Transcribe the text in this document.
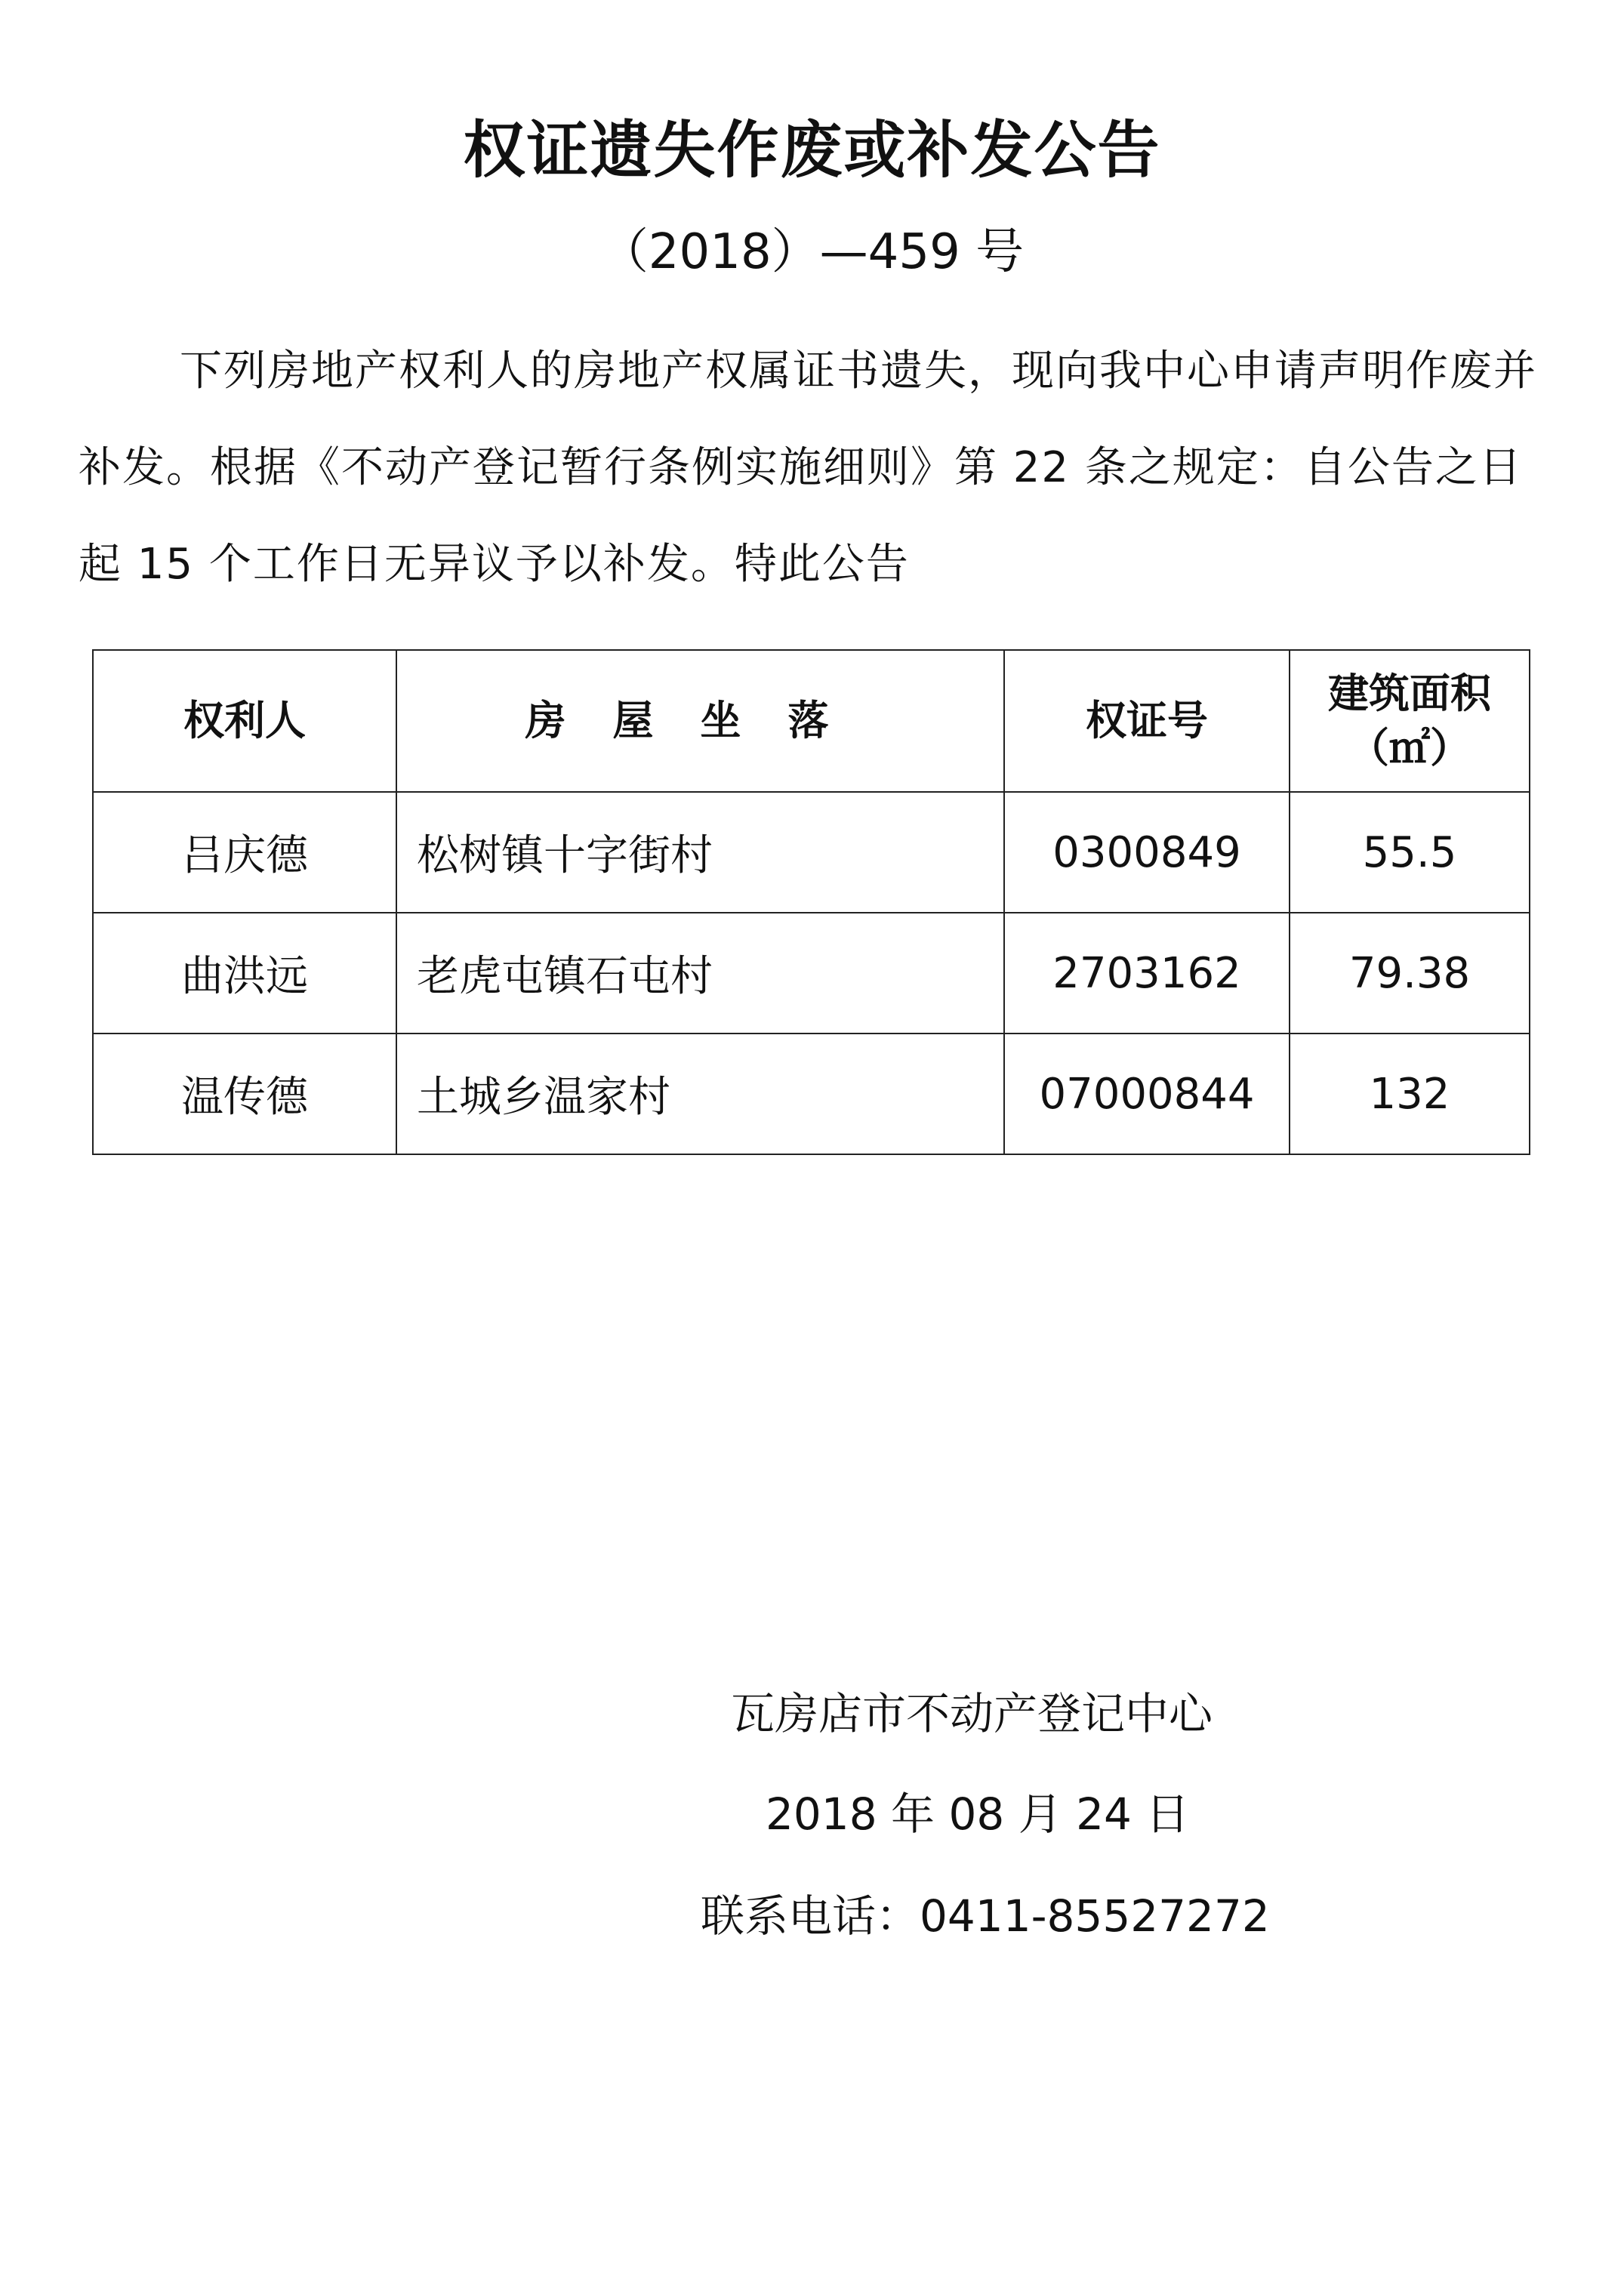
权证遗失作废或补发公告
（2018）—459 号
下列房地产权利人的房地产权属证书遗失，现向我中心申请声明作废并补发。根据《不动产登记暂行条例实施细则》第 22 条之规定：自公告之日起 15 个工作日无异议予以补发。特此公告
权利人	房屋坐落	权证号	建筑面积
（㎡）

吕庆德	松树镇十字街村	0300849	55.5
曲洪远	老虎屯镇石屯村	2703162	79.38
温传德	土城乡温家村	07000844	132
瓦房店市不动产登记中心
2018 年 08 月 24 日
联系电话：0411-85527272
